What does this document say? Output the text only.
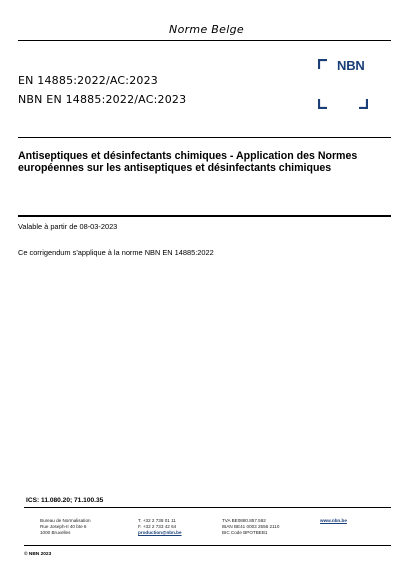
Norme Belge
EN 14885:2022/AC:2023
NBN EN 14885:2022/AC:2023
NBN
Antiseptiques et désinfectants chimiques - Application des Normes européennes sur les antiseptiques et désinfectants chimiques
Valable à partir de 08-03-2023
Ce corrigendum s'applique à la norme NBN EN 14885:2022
ICS: 11.080.20; 71.100.35
Bureau de Normalisation
Rue Joseph-II 40 bte 6
1000 Bruxelles
T. +32 2 738 01 11
F. +32 2 733 42 64
production@nbn.be
TVA BE0880.857.592
IBAN BE41 0003 2556 2110
BIC Code BPOTBEB1
www.nbn.be
© NBN 2023
